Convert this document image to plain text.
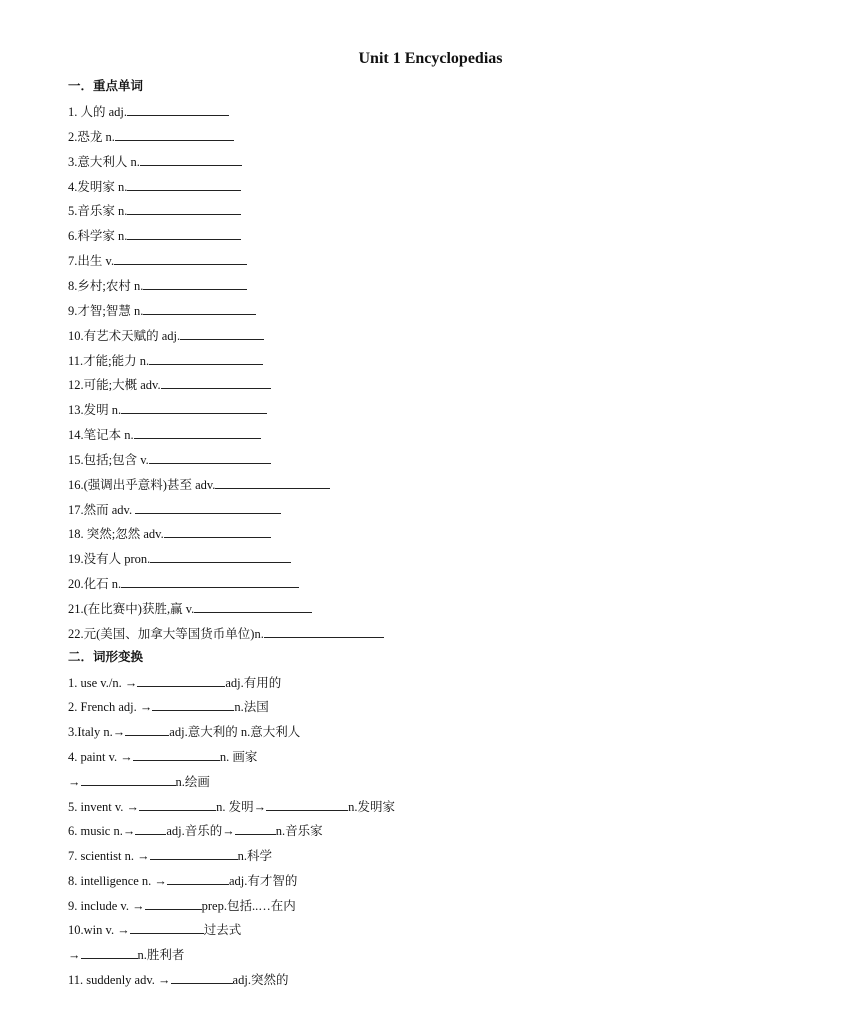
Unit 1 Encyclopedias
一．重点单词
1. 人的 adj.
2.恐龙 n.
3.意大利人 n.
4.发明家 n.
5.音乐家 n.
6.科学家 n.
7.出生 v.
8.乡村;农村 n.
9.才智;智慧 n.
10.有艺术天赋的 adj.
11.才能;能力 n.
12.可能;大概 adv.
13.发明 n.
14.笔记本 n.
15.包括;包含 v.
16.(强调出乎意料)甚至 adv.
17.然而 adv.
18. 突然;忽然 adv.
19.没有人 pron.
20.化石 n.
21.(在比赛中)获胜,赢 v.
22.元(美国、加拿大等国货币单位)n.
二．词形变换
1. use v./n. →	adj.有用的
2. French adj. →	n.法国
3.Italy n.→	adj.意大利的 n.意大利人
4. paint v. →	n. 画家
→	n.绘画
5. invent v. →	n. 发明→	n.发明家
6. music n.→ adj.音乐的→	n.音乐家
7. scientist n. →	n.科学
8. intelligence n. →	adj.有才智的
9. include v. →	prep.包括..…在内
10.win v. →	过去式
→	n.胜利者
11. suddenly adv. →	adj.突然的
